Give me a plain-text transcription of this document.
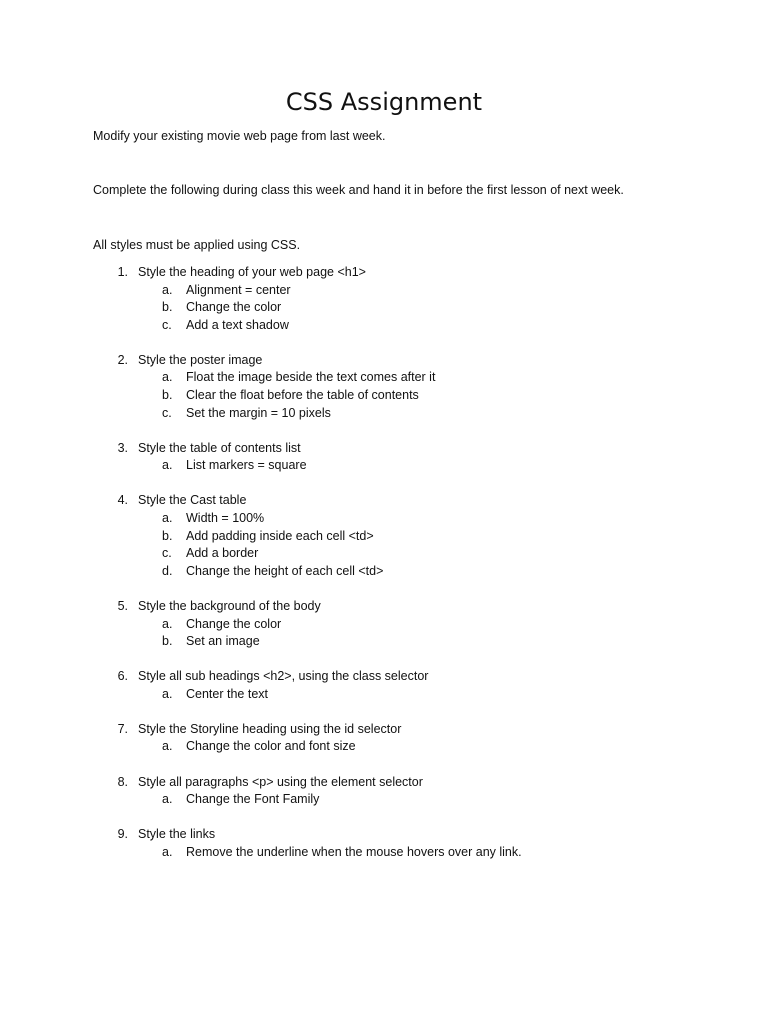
CSS Assignment

Modify your existing movie web page from last week.

Complete the following during class this week and hand it in before the first lesson of next week.

All styles must be applied using CSS.

1. Style the heading of your web page <h1>
a. Alignment = center
b. Change the color
c. Add a text shadow
2. Style the poster image
a. Float the image beside the text comes after it
b. Clear the float before the table of contents
c. Set the margin = 10 pixels
3. Style the table of contents list
a. List markers = square
4. Style the Cast table
a. Width = 100%
b. Add padding inside each cell <td>
c. Add a border
d. Change the height of each cell <td>
5. Style the background of the body
a. Change the color
b. Set an image
6. Style all sub headings <h2>, using the class selector
a. Center the text
7. Style the Storyline heading using the id selector
a. Change the color and font size
8. Style all paragraphs <p> using the element selector
a. Change the Font Family
9. Style the links
a. Remove the underline when the mouse hovers over any link.
